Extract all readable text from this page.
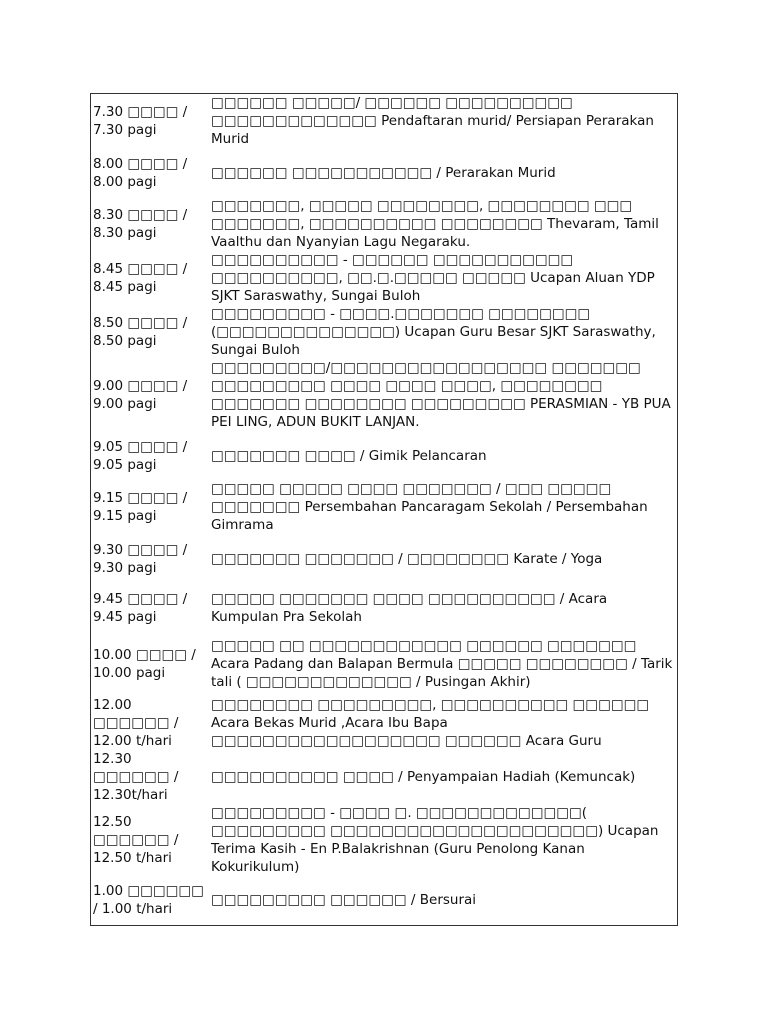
7.30 □□□□ / 7.30 pagi	□□□□□□ □□□□□/ □□□□□□ □□□□□□□□□□ □□□□□□□□□□□□□ Pendaftaran murid/ Persiapan Perarakan Murid
8.00 □□□□ / 8.00 pagi	□□□□□□ □□□□□□□□□□□ / Perarakan Murid
8.30 □□□□ / 8.30 pagi	□□□□□□□, □□□□□ □□□□□□□□, □□□□□□□□ □□□ □□□□□□□, □□□□□□□□□□ □□□□□□□□ Thevaram, Tamil Vaalthu dan Nyanyian Lagu Negaraku.
8.45 □□□□ / 8.45 pagi	□□□□□□□□□□ - □□□□□□ □□□□□□□□□□□ □□□□□□□□□□, □□.□.□□□□□ □□□□□ Ucapan Aluan YDP SJKT Saraswathy, Sungai Buloh
8.50 □□□□ / 8.50 pagi	□□□□□□□□□ - □□□□.□□□□□□□ □□□□□□□□ (□□□□□□□□□□□□□□) Ucapan Guru Besar SJKT Saraswathy, Sungai Buloh
9.00 □□□□ / 9.00 pagi	□□□□□□□□□/□□□□□□□□□□□□□□□□□ □□□□□□□ □□□□□□□□□ □□□□ □□□□ □□□□, □□□□□□□□ □□□□□□□ □□□□□□□□ □□□□□□□□□ PERASMIAN - YB PUA PEI LING, ADUN BUKIT LANJAN.
9.05 □□□□ / 9.05 pagi	□□□□□□□ □□□□ / Gimik Pelancaran
9.15 □□□□ / 9.15 pagi	□□□□□ □□□□□ □□□□ □□□□□□□ / □□□ □□□□□ □□□□□□□ Persembahan Pancaragam Sekolah / Persembahan Gimrama
9.30 □□□□ / 9.30 pagi	□□□□□□□ □□□□□□□ / □□□□□□□□ Karate / Yoga
9.45 □□□□ / 9.45 pagi	□□□□□ □□□□□□□ □□□□ □□□□□□□□□□ / Acara Kumpulan Pra Sekolah
10.00 □□□□ / 10.00 pagi	□□□□□ □□ □□□□□□□□□□□□ □□□□□□ □□□□□□□ Acara Padang dan Balapan Bermula □□□□□ □□□□□□□□ / Tarik tali ( □□□□□□□□□□□□□ / Pusingan Akhir)
12.00 □□□□□□ / 12.00 t/hari	□□□□□□□□ □□□□□□□□□, □□□□□□□□□□ □□□□□□ Acara Bekas Murid ,Acara Ibu Bapa □□□□□□□□□□□□□□□□□□ □□□□□□ Acara Guru
12.30 □□□□□□ / 12.30t/hari	□□□□□□□□□□ □□□□ / Penyampaian Hadiah (Kemuncak)
12.50 □□□□□□ / 12.50 t/hari	□□□□□□□□□ - □□□□ □. □□□□□□□□□□□□□( □□□□□□□□□ □□□□□□□□□□□□□□□□□□□□□) Ucapan Terima Kasih - En P.Balakrishnan (Guru Penolong Kanan Kokurikulum)
1.00 □□□□□□ / 1.00 t/hari	□□□□□□□□□ □□□□□□ / Bersurai
